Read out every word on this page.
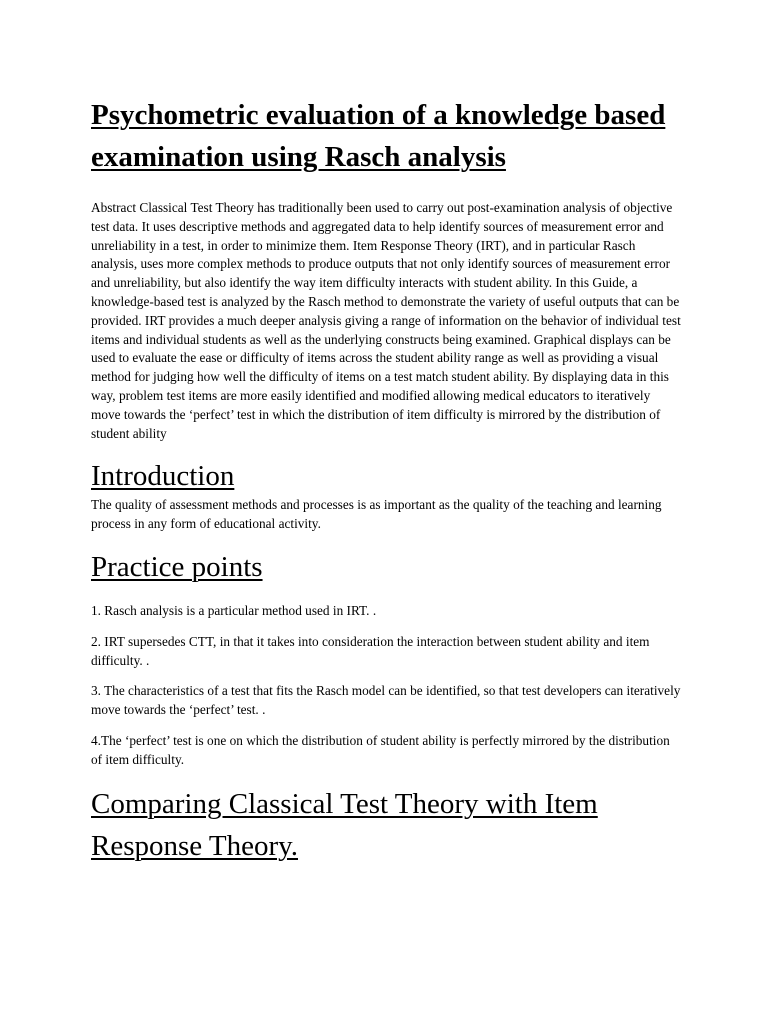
Psychometric evaluation of a knowledge based examination using Rasch analysis

Abstract Classical Test Theory has traditionally been used to carry out post-examination analysis of objective test data. It uses descriptive methods and aggregated data to help identify sources of measurement error and unreliability in a test, in order to minimize them. Item Response Theory (IRT), and in particular Rasch analysis, uses more complex methods to produce outputs that not only identify sources of measurement error and unreliability, but also identify the way item difficulty interacts with student ability. In this Guide, a knowledge-based test is analyzed by the Rasch method to demonstrate the variety of useful outputs that can be provided. IRT provides a much deeper analysis giving a range of information on the behavior of individual test items and individual students as well as the underlying constructs being examined. Graphical displays can be used to evaluate the ease or difficulty of items across the student ability range as well as providing a visual method for judging how well the difficulty of items on a test match student ability. By displaying data in this way, problem test items are more easily identified and modified allowing medical educators to iteratively move towards the ‘perfect’ test in which the distribution of item difficulty is mirrored by the distribution of student ability

Introduction

The quality of assessment methods and processes is as important as the quality of the teaching and learning process in any form of educational activity.

Practice points

1. Rasch analysis is a particular method used in IRT. .

2. IRT supersedes CTT, in that it takes into consideration the interaction between student ability and item difficulty. .

3. The characteristics of a test that fits the Rasch model can be identified, so that test developers can iteratively move towards the ‘perfect’ test. .

4.The ‘perfect’ test is one on which the distribution of student ability is perfectly mirrored by the distribution of item difficulty.

Comparing Classical Test Theory with Item Response Theory.
